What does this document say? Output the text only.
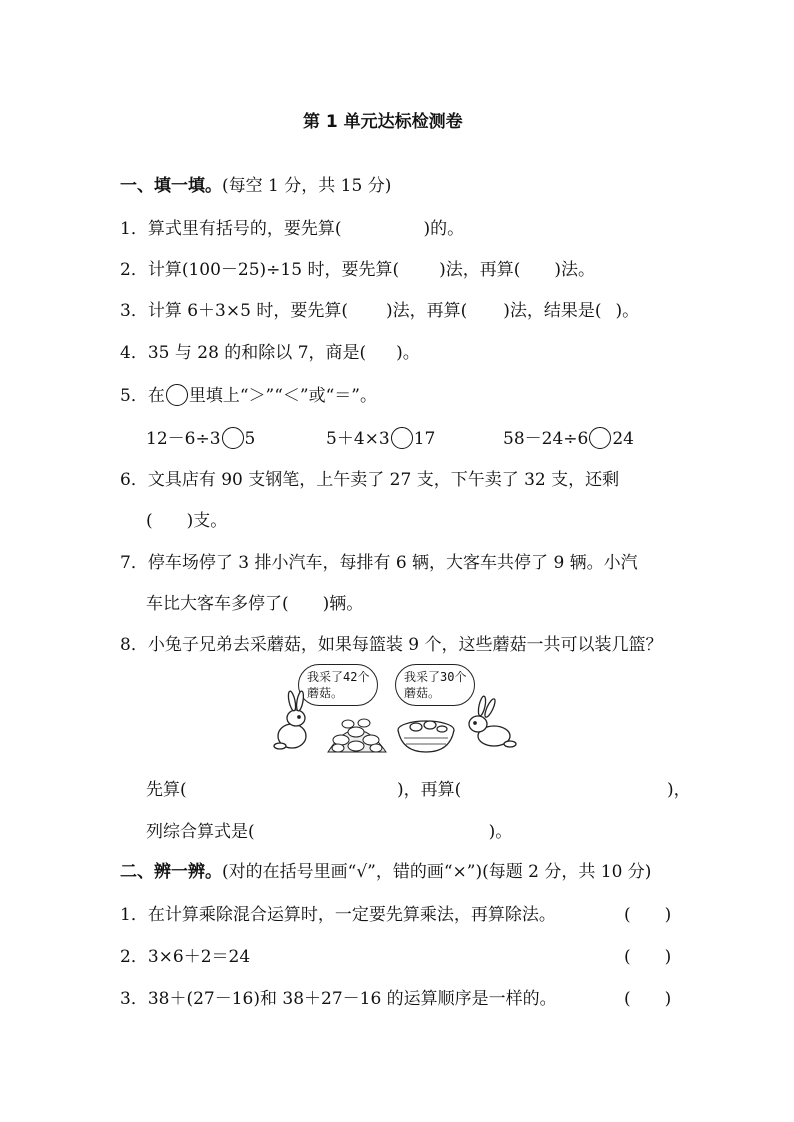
第 1 单元达标检测卷
一、填一填。(每空 1 分，共 15 分)
1．算式里有括号的，要先算(	)的。
2．计算(100－25)÷15 时，要先算( )法，再算( )法。
3．计算 6＋3×5 时，要先算( )法，再算( )法，结果是( )。
4．35 与 28 的和除以 7，商是( )。
5．在 里填上“＞”“＜”或“＝”。
12－6÷3 5	5＋4×3 17	58－24÷6 24
6．文具店有 90 支钢笔，上午卖了 27 支，下午卖了 32 支，还剩
( )支。
7．停车场停了 3 排小汽车，每排有 6 辆，大客车共停了 9 辆。小汽
车比大客车多停了( )辆。
8．小兔子兄弟去采蘑菇，如果每篮装 9 个，这些蘑菇一共可以装几篮？
我采了42个
蘑菇。
我采了30个
蘑菇。
先算(	)，再算(	)，
列综合算式是(	)。
二、辨一辨。(对的在括号里画“√”，错的画“×”)(每题 2 分，共 10 分)
1．在计算乘除混合运算时，一定要先算乘法，再算除法。	(　　)
2．3×6＋2＝24	(　　)
3．38＋(27－16)和 38＋27－16 的运算顺序是一样的。	(　　)
